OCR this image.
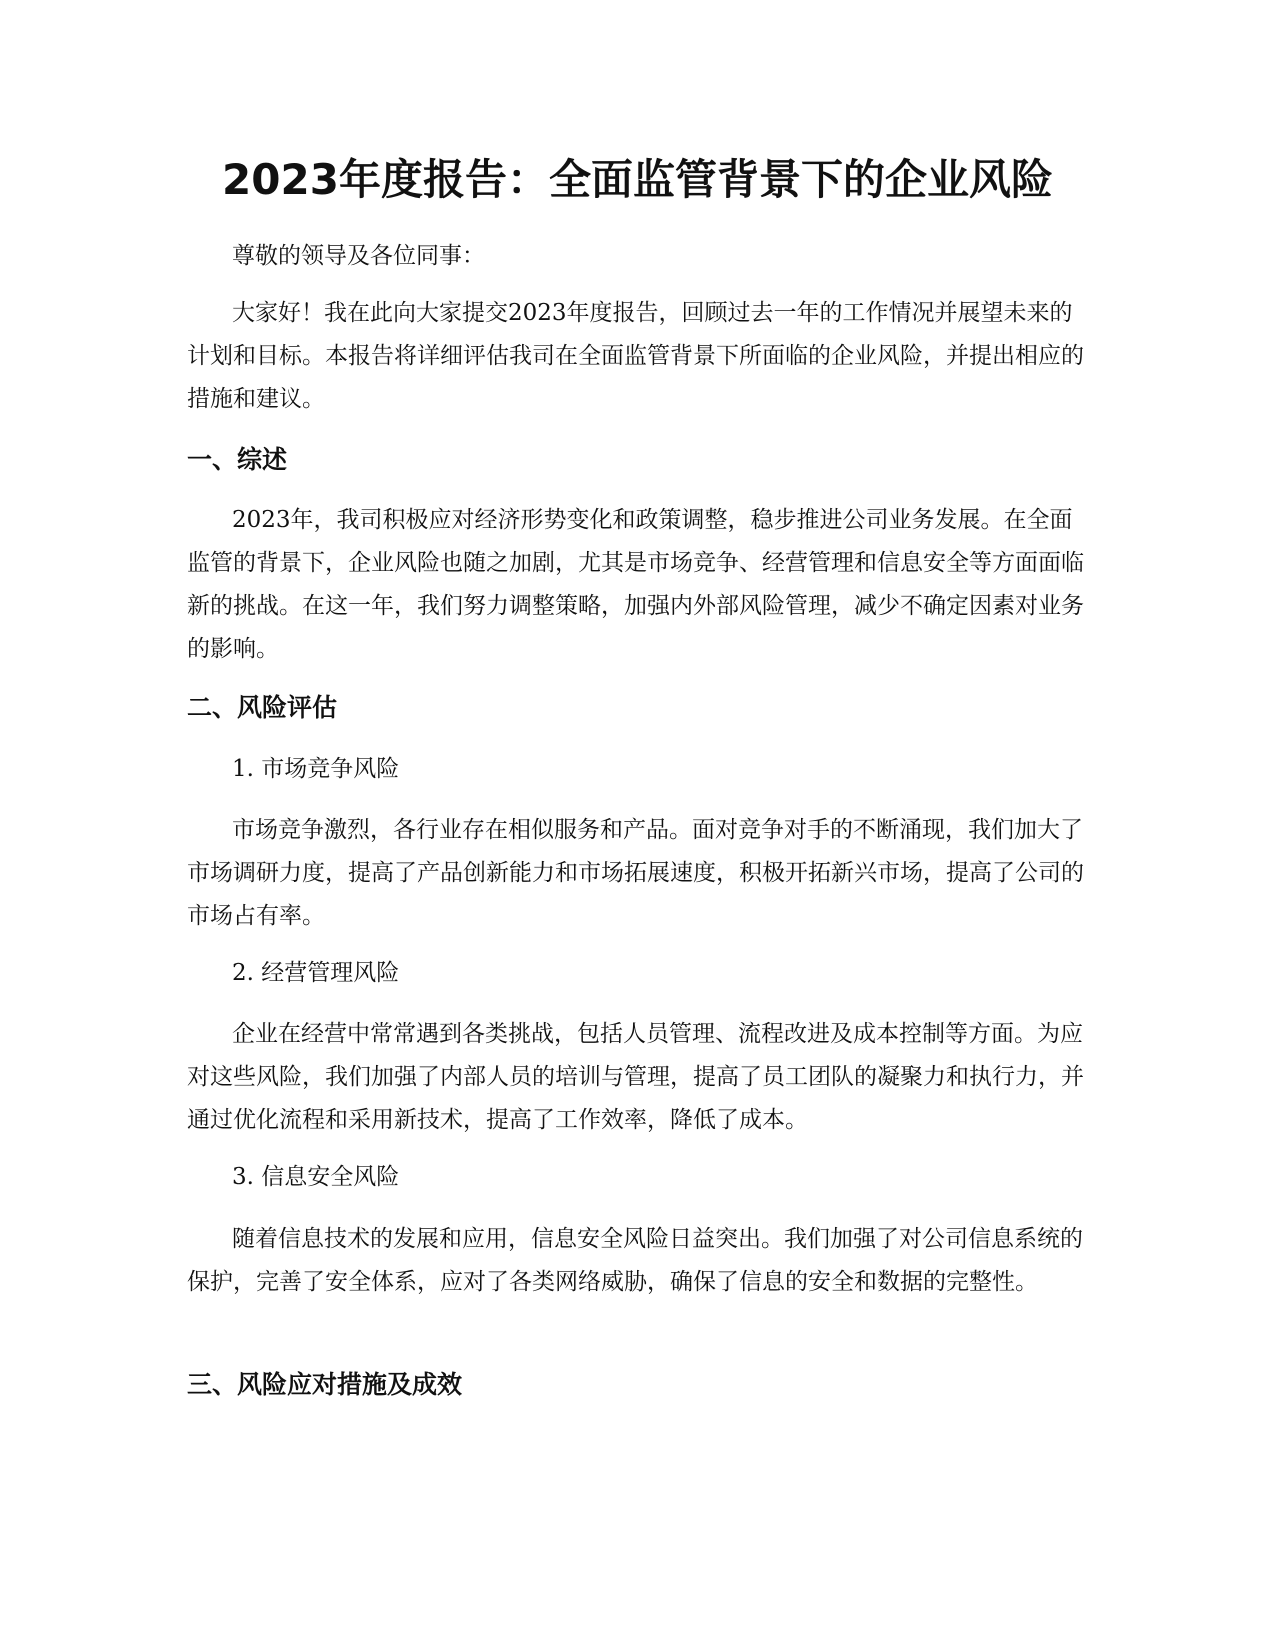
2023年度报告：全面监管背景下的企业风险

尊敬的领导及各位同事：

大家好！我在此向大家提交2023年度报告，回顾过去一年的工作情况并展望未来的计划和目标。本报告将详细评估我司在全面监管背景下所面临的企业风险，并提出相应的措施和建议。

一、综述

2023年，我司积极应对经济形势变化和政策调整，稳步推进公司业务发展。在全面监管的背景下，企业风险也随之加剧，尤其是市场竞争、经营管理和信息安全等方面面临新的挑战。在这一年，我们努力调整策略，加强内外部风险管理，减少不确定因素对业务的影响。

二、风险评估

1. 市场竞争风险

市场竞争激烈，各行业存在相似服务和产品。面对竞争对手的不断涌现，我们加大了市场调研力度，提高了产品创新能力和市场拓展速度，积极开拓新兴市场，提高了公司的市场占有率。

2. 经营管理风险

企业在经营中常常遇到各类挑战，包括人员管理、流程改进及成本控制等方面。为应对这些风险，我们加强了内部人员的培训与管理，提高了员工团队的凝聚力和执行力，并通过优化流程和采用新技术，提高了工作效率，降低了成本。

3. 信息安全风险

随着信息技术的发展和应用，信息安全风险日益突出。我们加强了对公司信息系统的保护，完善了安全体系，应对了各类网络威胁，确保了信息的安全和数据的完整性。

三、风险应对措施及成效
